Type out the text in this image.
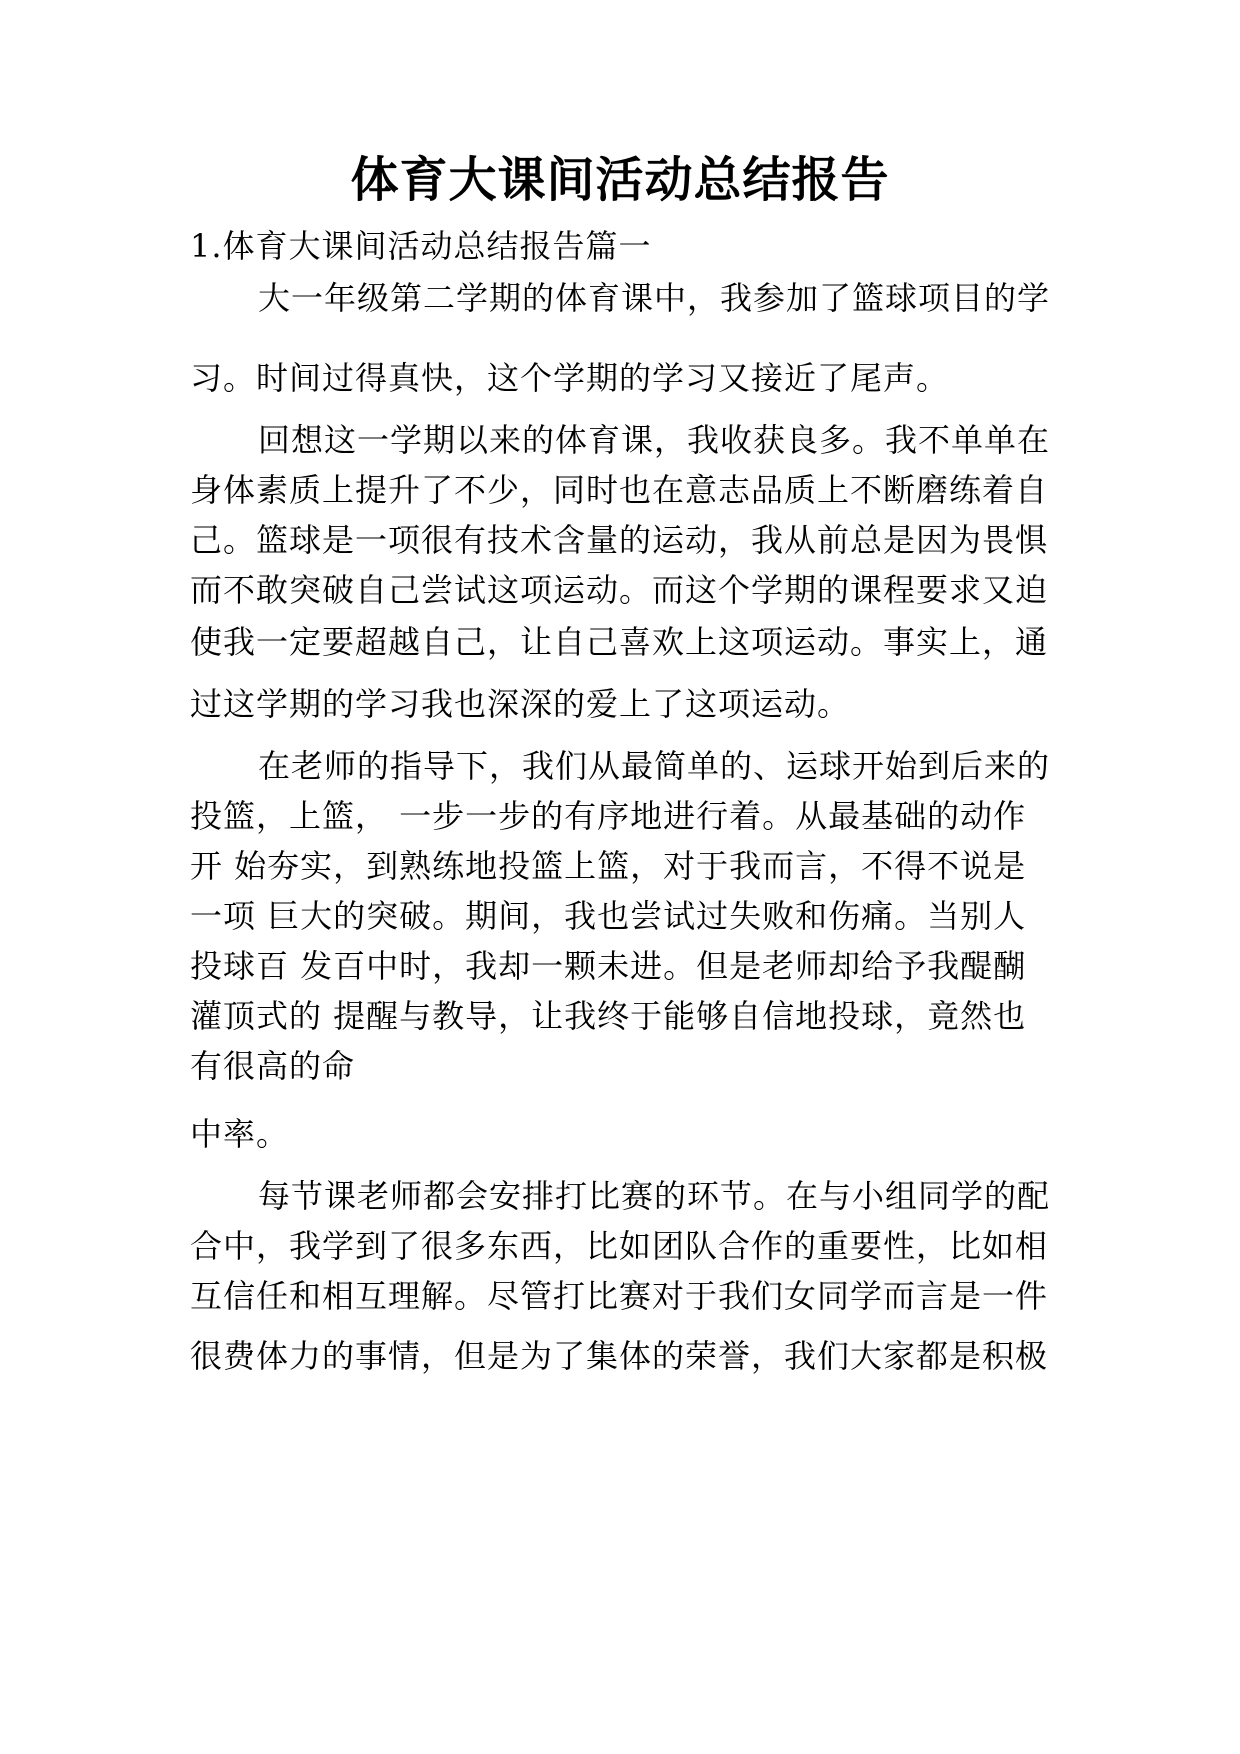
体育大课间活动总结报告
1.体育大课间活动总结报告篇一
大一年级第二学期的体育课中，我参加了篮球项目的学
习。时间过得真快，这个学期的学习又接近了尾声。
回想这一学期以来的体育课，我收获良多。我不单单在
身体素质上提升了不少，同时也在意志品质上不断磨练着自
己。篮球是一项很有技术含量的运动，我从前总是因为畏惧
而不敢突破自己尝试这项运动。而这个学期的课程要求又迫
使我一定要超越自己，让自己喜欢上这项运动。事实上，通
过这学期的学习我也深深的爱上了这项运动。
在老师的指导下，我们从最简单的、运球开始到后来的
投篮，上篮， 一步一步的有序地进行着。从最基础的动作
开 始夯实，到熟练地投篮上篮，对于我而言，不得不说是
一项 巨大的突破。期间，我也尝试过失败和伤痛。当别人
投球百 发百中时，我却一颗未进。但是老师却给予我醍醐
灌顶式的 提醒与教导，让我终于能够自信地投球，竟然也
有很高的命
中率。
每节课老师都会安排打比赛的环节。在与小组同学的配
合中，我学到了很多东西，比如团队合作的重要性，比如相
互信任和相互理解。尽管打比赛对于我们女同学而言是一件
很费体力的事情，但是为了集体的荣誉，我们大家都是积极
